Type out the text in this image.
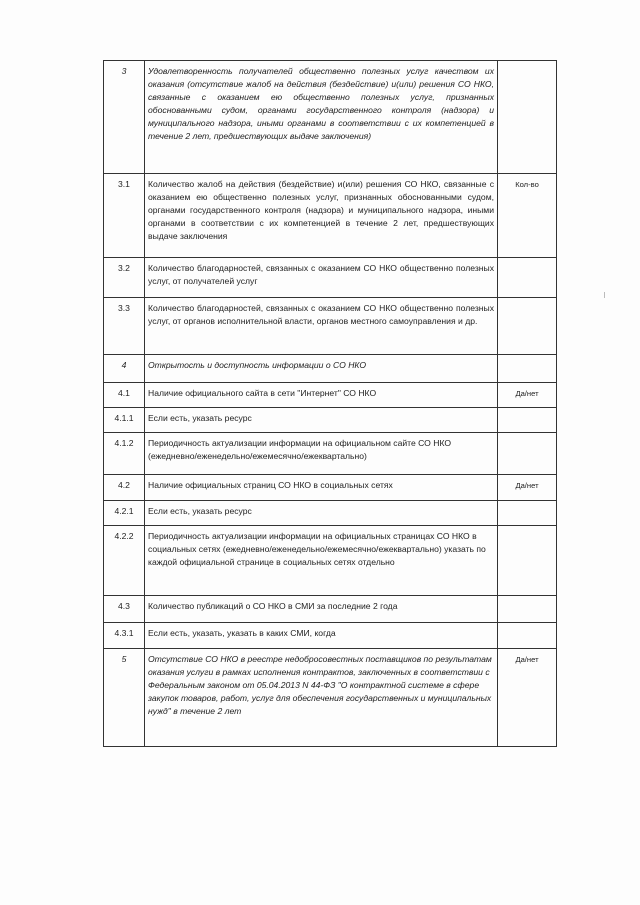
3	Удовлетворенность получателей общественно полезных услуг качеством их оказания (отсутствие жалоб на действия (бездействие) и(или) решения СО НКО, связанные с оказанием ею общественно полезных услуг, признанных обоснованными судом, органами государственного контроля (надзора) и муниципального надзора, иными органами в соответствии с их компетенцией в течение 2 лет, предшествующих выдаче заключения)	
3.1	Количество жалоб на действия (бездействие) и(или) решения СО НКО, связанные с оказанием ею общественно полезных услуг, признанных обоснованными судом, органами государственного контроля (надзора) и муниципального надзора, иными органами в соответствии с их компетенцией в течение 2 лет, предшествующих выдаче заключения	Кол-во
3.2	Количество благодарностей, связанных с оказанием СО НКО общественно полезных услуг, от получателей услуг	
3.3	Количество благодарностей, связанных с оказанием СО НКО общественно полезных услуг, от органов исполнительной власти, органов местного самоуправления и др.	
4	Открытость и доступность информации о СО НКО	
4.1	Наличие официального сайта в сети "Интернет" СО НКО	Да/нет
4.1.1	Если есть, указать ресурс	
4.1.2	Периодичность актуализации информации на официальном сайте СО НКО (ежедневно/еженедельно/ежемесячно/ежеквартально)	
4.2	Наличие официальных страниц СО НКО в социальных сетях	Да/нет
4.2.1	Если есть, указать ресурс	
4.2.2	Периодичность актуализации информации на официальных страницах СО НКО в социальных сетях (ежедневно/еженедельно/ежемесячно/ежеквартально) указать по каждой официальной странице в социальных сетях отдельно	
4.3	Количество публикаций о СО НКО в СМИ за последние 2 года	
4.3.1	Если есть, указать, указать в каких СМИ, когда	
5	Отсутствие СО НКО в реестре недобросовестных поставщиков по результатам оказания услуги в рамках исполнения контрактов, заключенных в соответствии с Федеральным законом от 05.04.2013 N 44-ФЗ "О контрактной системе в сфере закупок товаров, работ, услуг для обеспечения государственных и муниципальных нужд" в течение 2 лет	Да/нет
